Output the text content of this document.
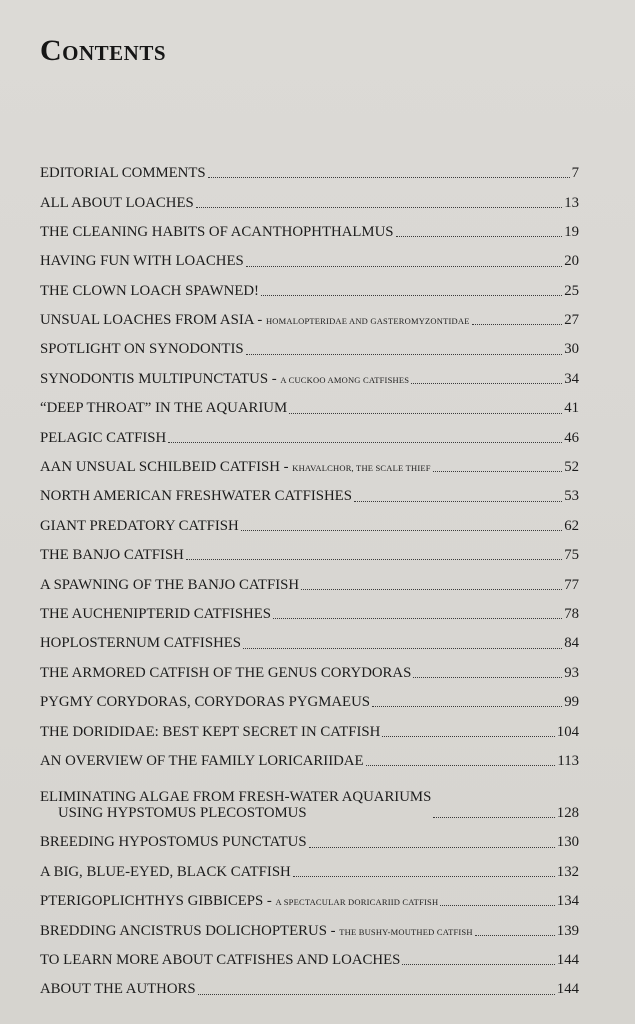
Contents
EDITORIAL COMMENTS	7
ALL ABOUT LOACHES	13
THE CLEANING HABITS OF ACANTHOPHTHALMUS	19
HAVING FUN WITH LOACHES	20
THE CLOWN LOACH SPAWNED!	25
UNSUAL LOACHES FROM ASIA - HOMALOPTERIDAE AND GASTEROMYZONTIDAE	27
SPOTLIGHT ON SYNODONTIS	30
SYNODONTIS MULTIPUNCTATUS - A CUCKOO AMONG CATFISHES	34
“DEEP THROAT” IN THE AQUARIUM	41
PELAGIC CATFISH	46
AAN UNSUAL SCHILBEID CATFISH - KHAVALCHOR, THE SCALE THIEF	52
NORTH AMERICAN FRESHWATER CATFISHES	53
GIANT PREDATORY CATFISH	62
THE BANJO CATFISH	75
A SPAWNING OF THE BANJO CATFISH	77
THE AUCHENIPTERID CATFISHES	78
HOPLOSTERNUM CATFISHES	84
THE ARMORED CATFISH OF THE GENUS CORYDORAS	93
PYGMY CORYDORAS, CORYDORAS PYGMAEUS	99
THE DORIDIDAE: BEST KEPT SECRET IN CATFISH	104
AN OVERVIEW OF THE FAMILY LORICARIIDAE	113
ELIMINATING ALGAE FROM FRESH-WATER AQUARIUMS
USING HYPSTOMUS PLECOSTOMUS	128
BREEDING HYPOSTOMUS PUNCTATUS	130
A BIG, BLUE-EYED, BLACK CATFISH	132
PTERIGOPLICHTHYS GIBBICEPS - A SPECTACULAR DORICARIID CATFISH	134
BREDDING ANCISTRUS DOLICHOPTERUS - THE BUSHY-MOUTHED CATFISH	139
TO LEARN MORE ABOUT CATFISHES AND LOACHES	144
ABOUT THE AUTHORS	144
